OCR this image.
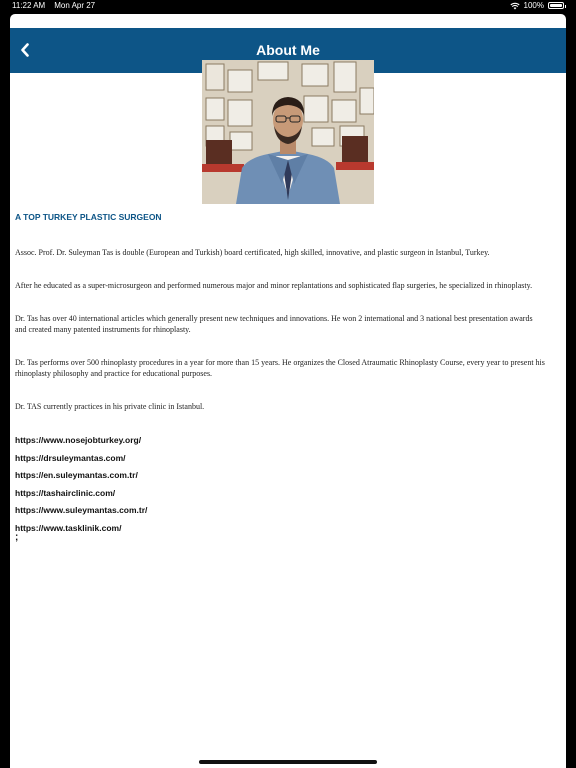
11:22 AM Mon Apr 27	100%
About Me
A TOP TURKEY PLASTIC SURGEON

Assoc. Prof. Dr. Suleyman Tas is double (European and Turkish) board certificated, high skilled, innovative, and plastic surgeon in Istanbul, Turkey.

After he educated as a super-microsurgeon and performed numerous major and minor replantations and sophisticated flap surgeries, he specialized in rhinoplasty.

Dr. Tas has over 40 international articles which generally present new techniques and innovations. He won 2 international and 3 national best presentation awards and created many patented instruments for rhinoplasty.

Dr. Tas performs over 500 rhinoplasty procedures in a year for more than 15 years. He organizes the Closed Atraumatic Rhinoplasty Course, every year to present his rhinoplasty philosophy and practice for educational purposes.

Dr. TAS currently practices in his private clinic in Istanbul.

https://www.nosejobturkey.org/
https://drsuleymantas.com/
https://en.suleymantas.com.tr/
https://tashairclinic.com/
https://www.suleymantas.com.tr/
https://www.tasklinik.com/
;
